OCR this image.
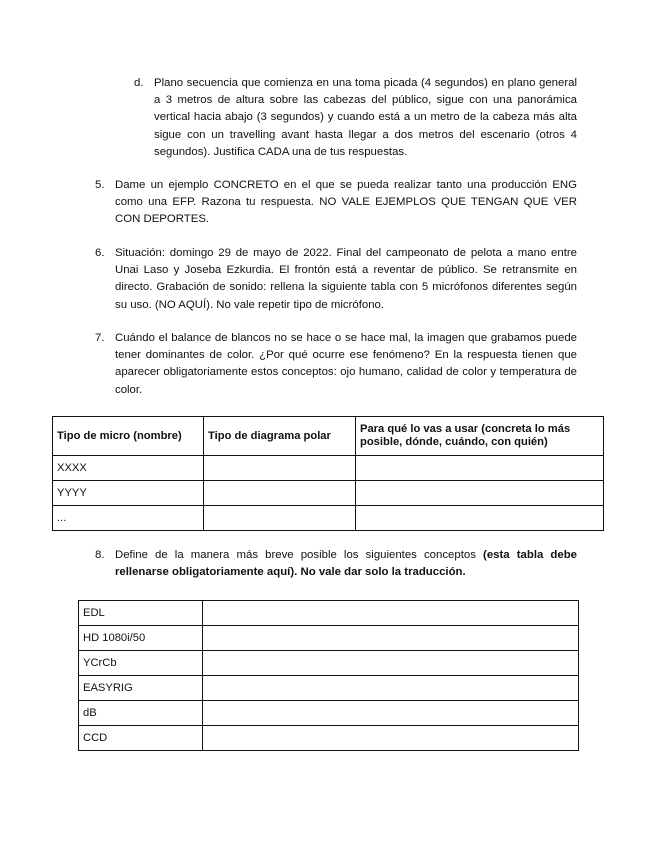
d. Plano secuencia que comienza en una toma picada (4 segundos) en plano general a 3 metros de altura sobre las cabezas del público, sigue con una panorámica vertical hacia abajo (3 segundos) y cuando está a un metro de la cabeza más alta sigue con un travelling avant hasta llegar a dos metros del escenario (otros 4 segundos). Justifica CADA una de tus respuestas.
5. Dame un ejemplo CONCRETO en el que se pueda realizar tanto una producción ENG como una EFP. Razona tu respuesta. NO VALE EJEMPLOS QUE TENGAN QUE VER CON DEPORTES.
6. Situación: domingo 29 de mayo de 2022. Final del campeonato de pelota a mano entre Unai Laso y Joseba Ezkurdia. El frontón está a reventar de público. Se retransmite en directo. Grabación de sonido: rellena la siguiente tabla con 5 micrófonos diferentes según su uso. (NO AQUÍ). No vale repetir tipo de micrófono.
7. Cuándo el balance de blancos no se hace o se hace mal, la imagen que grabamos puede tener dominantes de color. ¿Por qué ocurre ese fenómeno? En la respuesta tienen que aparecer obligatoriamente estos conceptos: ojo humano, calidad de color y temperatura de color.
Tipo de micro (nombre)	Tipo de diagrama polar	Para qué lo vas a usar (concreta lo más posible, dónde, cuándo, con quién)
XXXX		
YYYY		
...		
8. Define de la manera más breve posible los siguientes conceptos (esta tabla debe rellenarse obligatoriamente aquí). No vale dar solo la traducción.
EDL	
HD 1080i/50	
YCrCb	
EASYRIG	
dB	
CCD	
